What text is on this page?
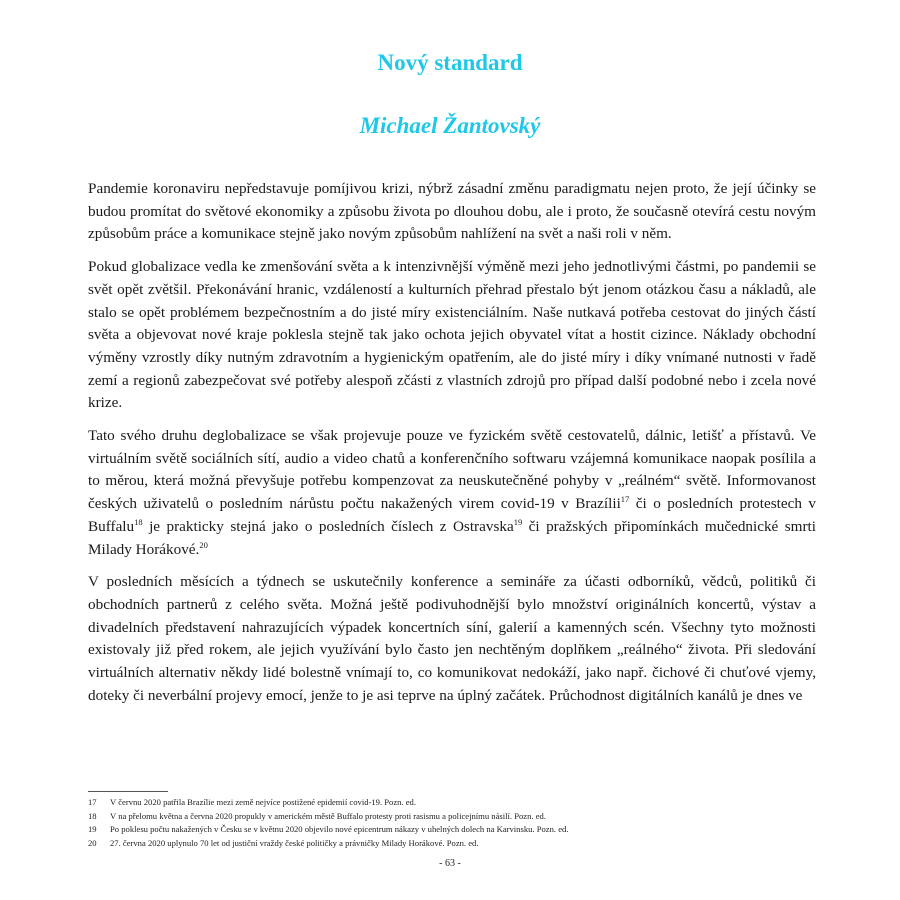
Nový standard
Michael Žantovský

Pandemie koronaviru nepředstavuje pomíjivou krizi, nýbrž zásadní změnu paradigmatu nejen proto, že její účinky se budou promítat do světové ekonomiky a způsobu života po dlouhou dobu, ale i proto, že současně otevírá cestu novým způsobům práce a komunikace stejně jako novým způsobům nahlížení na svět a naši roli v něm.

Pokud globalizace vedla ke zmenšování světa a k intenzivnější výměně mezi jeho jednotlivými částmi, po pandemii se svět opět zvětšil. Překonávání hranic, vzdáleností a kulturních přehrad přestalo být jenom otázkou času a nákladů, ale stalo se opět problémem bezpečnostním a do jisté míry existenciálním. Naše nutkavá potřeba cestovat do jiných částí světa a objevovat nové kraje poklesla stejně tak jako ochota jejich obyvatel vítat a hostit cizince. Náklady obchodní výměny vzrostly díky nutným zdravotním a hygienickým opatřením, ale do jisté míry i díky vnímané nutnosti v řadě zemí a regionů zabezpečovat své potřeby alespoň zčásti z vlastních zdrojů pro případ další podobné nebo i zcela nové krize.

Tato svého druhu deglobalizace se však projevuje pouze ve fyzickém světě cestovatelů, dálnic, letišť a přístavů. Ve virtuálním světě sociálních sítí, audio a video chatů a konferenčního softwaru vzájemná komunikace naopak posílila a to měrou, která možná převyšuje potřebu kompenzovat za neuskutečněné pohyby v „reálném“ světě. Informovanost českých uživatelů o posledním nárůstu počtu nakažených virem covid-19 v Brazílii$^{17}$ či o posledních protestech v Buffalu$^{18}$ je prakticky stejná jako o posledních číslech z Ostravska$^{19}$ či pražských připomínkách mučednické smrti Milady Horákové.$^{20}$

V posledních měsících a týdnech se uskutečnily konference a semináře za účasti odborníků, vědců, politiků či obchodních partnerů z celého světa. Možná ještě podivuhodnější bylo množství originálních koncertů, výstav a divadelních představení nahrazujících výpadek koncertních síní, galerií a kamenných scén. Všechny tyto možnosti existovaly již před rokem, ale jejich využívání bylo často jen nechtěným doplňkem „reálného“ života. Při sledování virtuálních alternativ někdy lidé bolestně vnímají to, co komunikovat nedokáží, jako např. čichové či chuťové vjemy, doteky či neverbální projevy emocí, jenže to je asi teprve na úplný začátek. Průchodnost digitálních kanálů je dnes ve

17	V červnu 2020 patřila Brazílie mezi země nejvíce postižené epidemií covid-19. Pozn. ed.
18	V na přelomu května a června 2020 propukly v americkém městě Buffalo protesty proti rasismu a policejnímu násilí. Pozn. ed.
19	Po poklesu počtu nakažených v Česku se v květnu 2020 objevilo nové epicentrum nákazy v uhelných dolech na Karvinsku. Pozn. ed.
20	27. června 2020 uplynulo 70 let od justiční vraždy české političky a právničky Milady Horákové. Pozn. ed.
- 63 -
